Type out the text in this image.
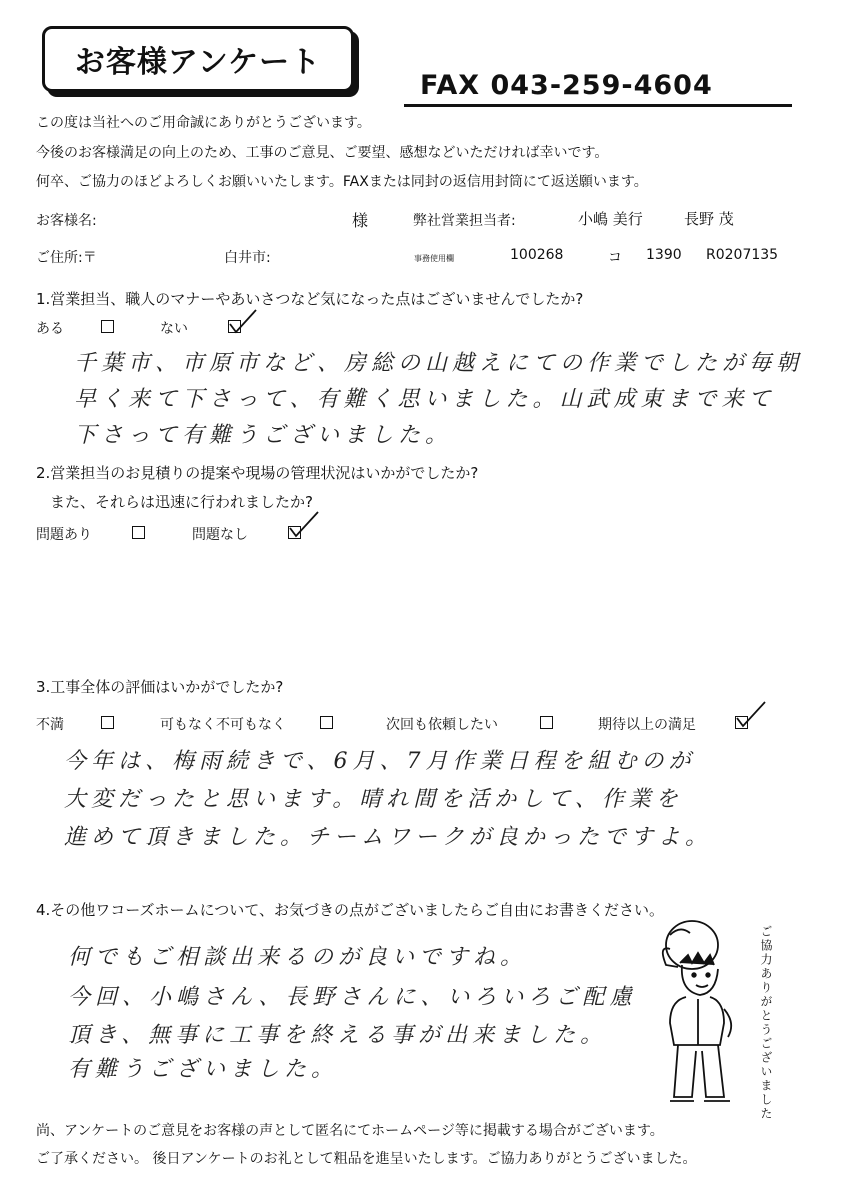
お客様アンケート
FAX 043-259-4604
この度は当社へのご用命誠にありがとうございます。
今後のお客様満足の向上のため、工事のご意見、ご要望、感想などいただければ幸いです。
何卒、ご協力のほどよろしくお願いいたします。FAXまたは同封の返信用封筒にて返送願います。
お客様名:	様	弊社営業担当者:	小嶋 美行	長野 茂
ご住所:〒	白井市:	事務使用欄	100268	コ 1390 R0207135
1.営業担当、職人のマナーやあいさつなど気になった点はございませんでしたか?
ある	ない
千葉市、市原市など、房総の山越えにての作業でしたが毎朝
早く来て下さって、有難く思いました。山武成東まで来て
下さって有難うございました。
2.営業担当のお見積りの提案や現場の管理状況はいかがでしたか?
また、それらは迅速に行われましたか?
問題あり	問題なし
3.工事全体の評価はいかがでしたか?
不満	可もなく不可もなく	次回も依頼したい	期待以上の満足
今年は、梅雨続きで、6月、7月作業日程を組むのが
大変だったと思います。晴れ間を活かして、作業を
進めて頂きました。チームワークが良かったですよ。
4.その他ワコーズホームについて、お気づきの点がございましたらご自由にお書きください。
何でもご相談出来るのが良いですね。
今回、小嶋さん、長野さんに、いろいろご配慮
頂き、無事に工事を終える事が出来ました。
有難うございました。	ご協力ありがとうございました
尚、アンケートのご意見をお客様の声として匿名にてホームページ等に掲載する場合がございます。
ご了承ください。 後日アンケートのお礼として粗品を進呈いたします。ご協力ありがとうございました。
